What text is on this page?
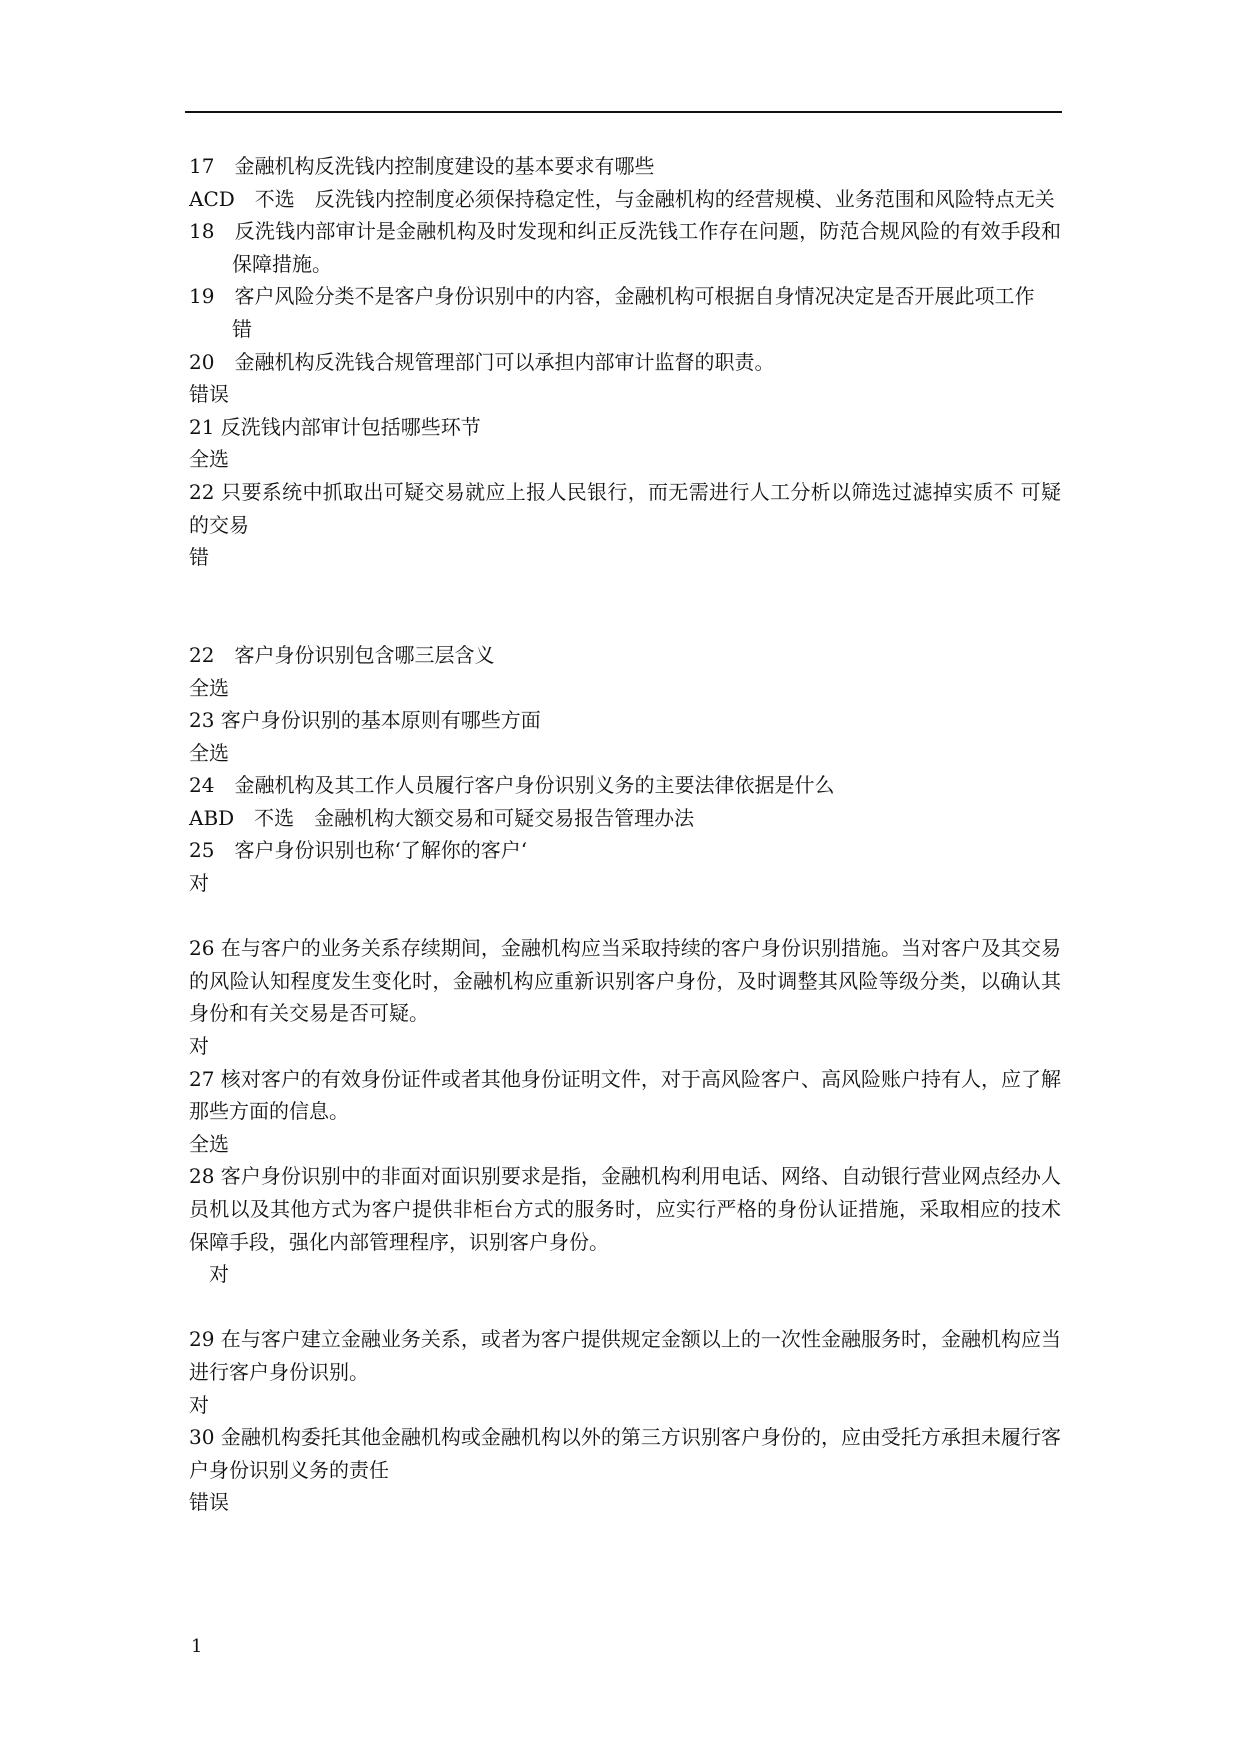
17　金融机构反洗钱内控制度建设的基本要求有哪些
ACD　不选　反洗钱内控制度必须保持稳定性，与金融机构的经营规模、业务范围和风险特点无关
18　反洗钱内部审计是金融机构及时发现和纠正反洗钱工作存在问题，防范合规风险的有效手段和保障措施。
19　客户风险分类不是客户身份识别中的内容，金融机构可根据自身情况决定是否开展此项工作
错
20　金融机构反洗钱合规管理部门可以承担内部审计监督的职责。
错误
21 反洗钱内部审计包括哪些环节
全选
22 只要系统中抓取出可疑交易就应上报人民银行，而无需进行人工分析以筛选过滤掉实质不 可疑的交易
错
22　客户身份识别包含哪三层含义
全选
23 客户身份识别的基本原则有哪些方面
全选
24　金融机构及其工作人员履行客户身份识别义务的主要法律依据是什么
ABD　不选　金融机构大额交易和可疑交易报告管理办法
25　客户身份识别也称‘了解你的客户‘
对
26 在与客户的业务关系存续期间，金融机构应当采取持续的客户身份识别措施。当对客户及其交易的风险认知程度发生变化时，金融机构应重新识别客户身份，及时调整其风险等级分类，以确认其身份和有关交易是否可疑。
对
27 核对客户的有效身份证件或者其他身份证明文件，对于高风险客户、高风险账户持有人，应了解那些方面的信息。
全选
28 客户身份识别中的非面对面识别要求是指，金融机构利用电话、网络、自动银行营业网点经办人员机以及其他方式为客户提供非柜台方式的服务时，应实行严格的身份认证措施，采取相应的技术保障手段，强化内部管理程序，识别客户身份。
　对
29 在与客户建立金融业务关系，或者为客户提供规定金额以上的一次性金融服务时，金融机构应当进行客户身份识别。
对
30 金融机构委托其他金融机构或金融机构以外的第三方识别客户身份的，应由受托方承担未履行客户身份识别义务的责任
错误
1
